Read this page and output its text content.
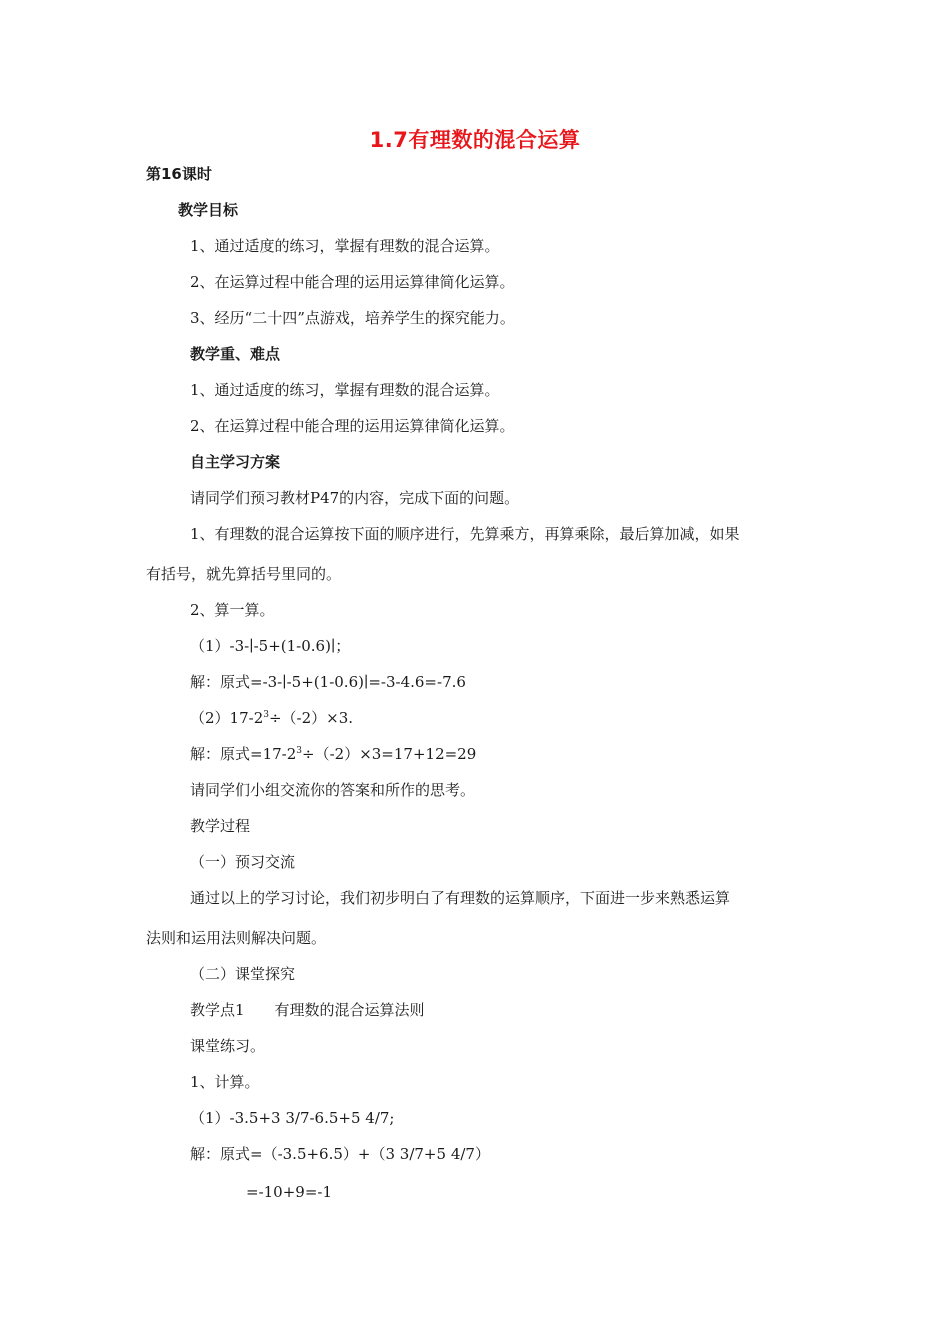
1.7有理数的混合运算
第16课时
教学目标
1、通过适度的练习，掌握有理数的混合运算。
2、在运算过程中能合理的运用运算律简化运算。
3、经历“二十四”点游戏，培养学生的探究能力。
教学重、难点
1、通过适度的练习，掌握有理数的混合运算。
2、在运算过程中能合理的运用运算律简化运算。
自主学习方案
请同学们预习教材P47的内容，完成下面的问题。
1、有理数的混合运算按下面的顺序进行，先算乘方，再算乘除，最后算加减，如果
有括号，就先算括号里同的。
2、算一算。
（1）-3-∣-5+(1-0.6)∣；
解：原式=-3-∣-5+(1-0.6)∣=-3-4.6=-7.6
$(2)17-2^3\div(-2)\times 3$.
解：原式$=17-2^3\div(-2)\times 3=17+12=29$
请同学们小组交流你的答案和所作的思考。
教学过程
（一）预习交流
通过以上的学习讨论，我们初步明白了有理数的运算顺序，下面进一步来熟悉运算
法则和运用法则解决问题。
（二）课堂探究
教学点1　　有理数的混合运算法则
课堂练习。
1、计算。
（1）-3.5+3 3/7-6.5+5 4/7;
解：原式=（-3.5+6.5）+（3 3/7+5 4/7）
=-10+9=-1
